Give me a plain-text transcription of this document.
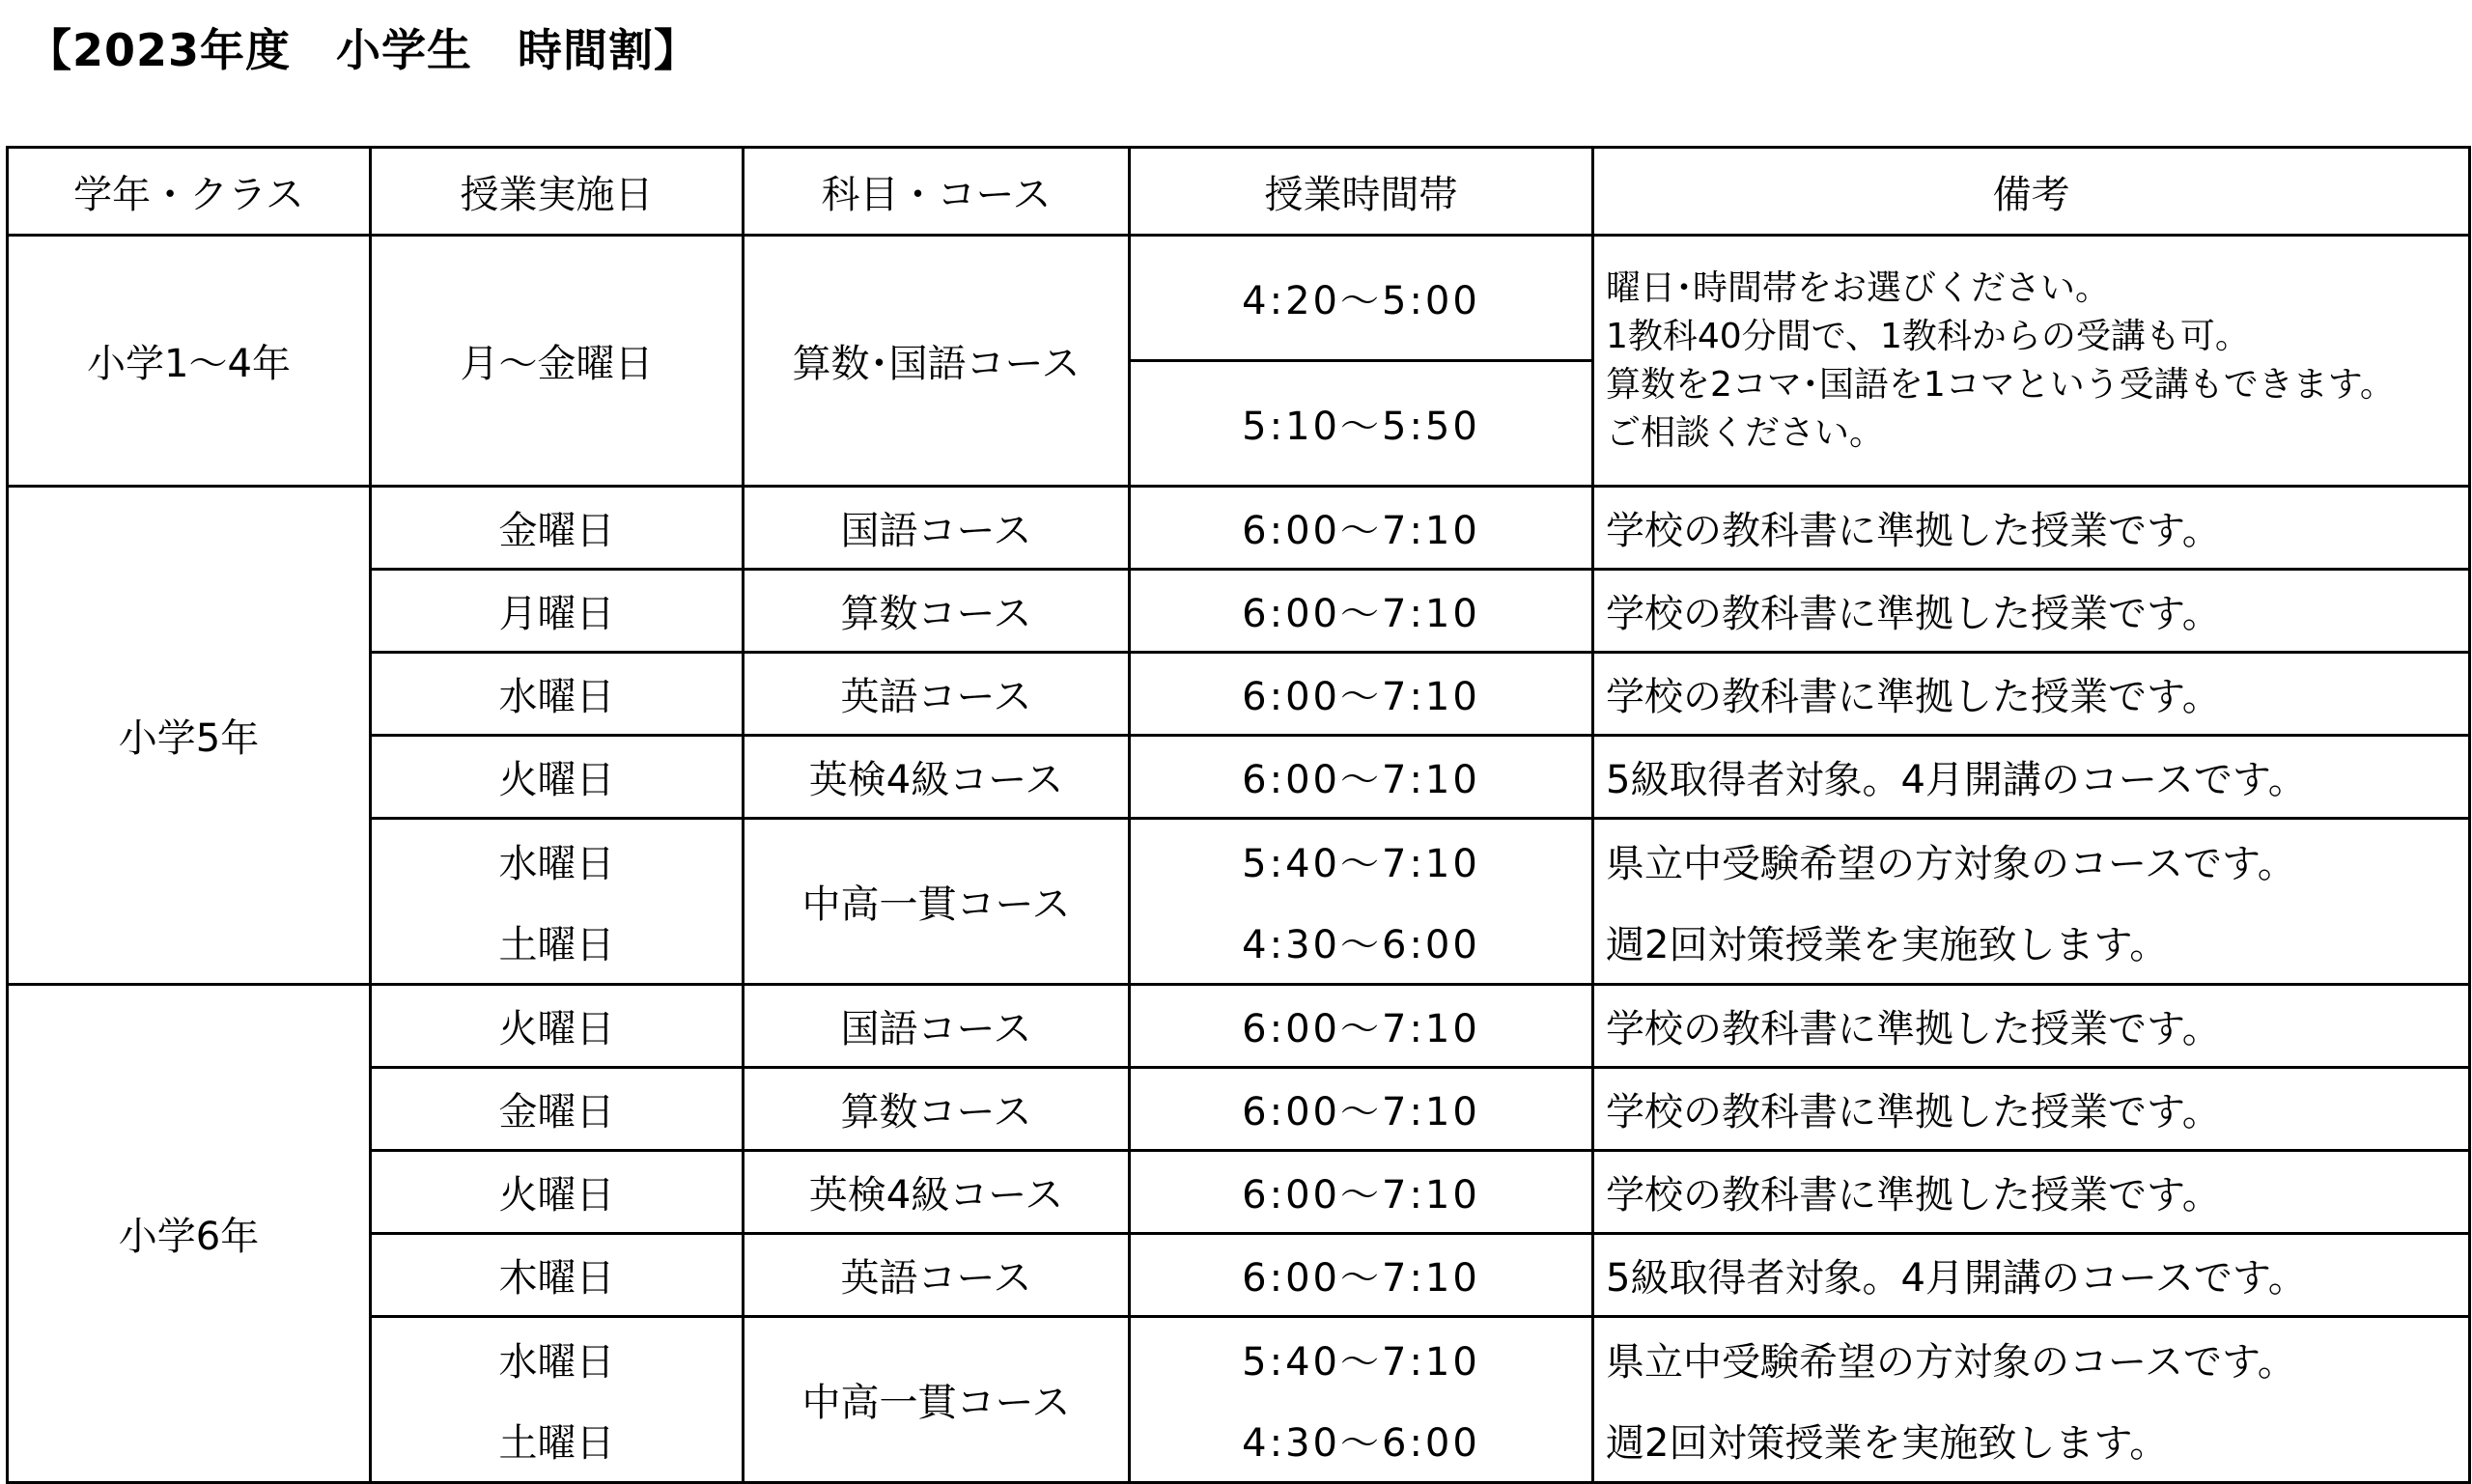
【2023年度　小学生　時間割】
学年・クラス	授業実施日	科目・コース	授業時間帯	備考
小学1～4年	月～金曜日	算数･国語コース	4:20～5:00	曜日･時間帯をお選びください。
1教科40分間で、1教科からの受講も可。
算数を2コマ･国語を1コマという受講もできます。
ご相談ください。

			5:10～5:50	
小学5年	金曜日	国語コース	6:00～7:10	学校の教科書に準拠した授業です。
	月曜日	算数コース	6:00～7:10	学校の教科書に準拠した授業です。
	水曜日	英語コース	6:00～7:10	学校の教科書に準拠した授業です。
	火曜日	英検4級コース	6:00～7:10	5級取得者対象。4月開講のコースです。
	水曜日	中高一貫コース	5:40～7:10	県立中受験希望の方対象のコースです。
	土曜日		4:30～6:00	週2回対策授業を実施致します。
小学6年	火曜日	国語コース	6:00～7:10	学校の教科書に準拠した授業です。
	金曜日	算数コース	6:00～7:10	学校の教科書に準拠した授業です。
	火曜日	英検4級コース	6:00～7:10	学校の教科書に準拠した授業です。
	木曜日	英語コース	6:00～7:10	5級取得者対象。4月開講のコースです。
	水曜日	中高一貫コース	5:40～7:10	県立中受験希望の方対象のコースです。
	土曜日		4:30～6:00	週2回対策授業を実施致します。
